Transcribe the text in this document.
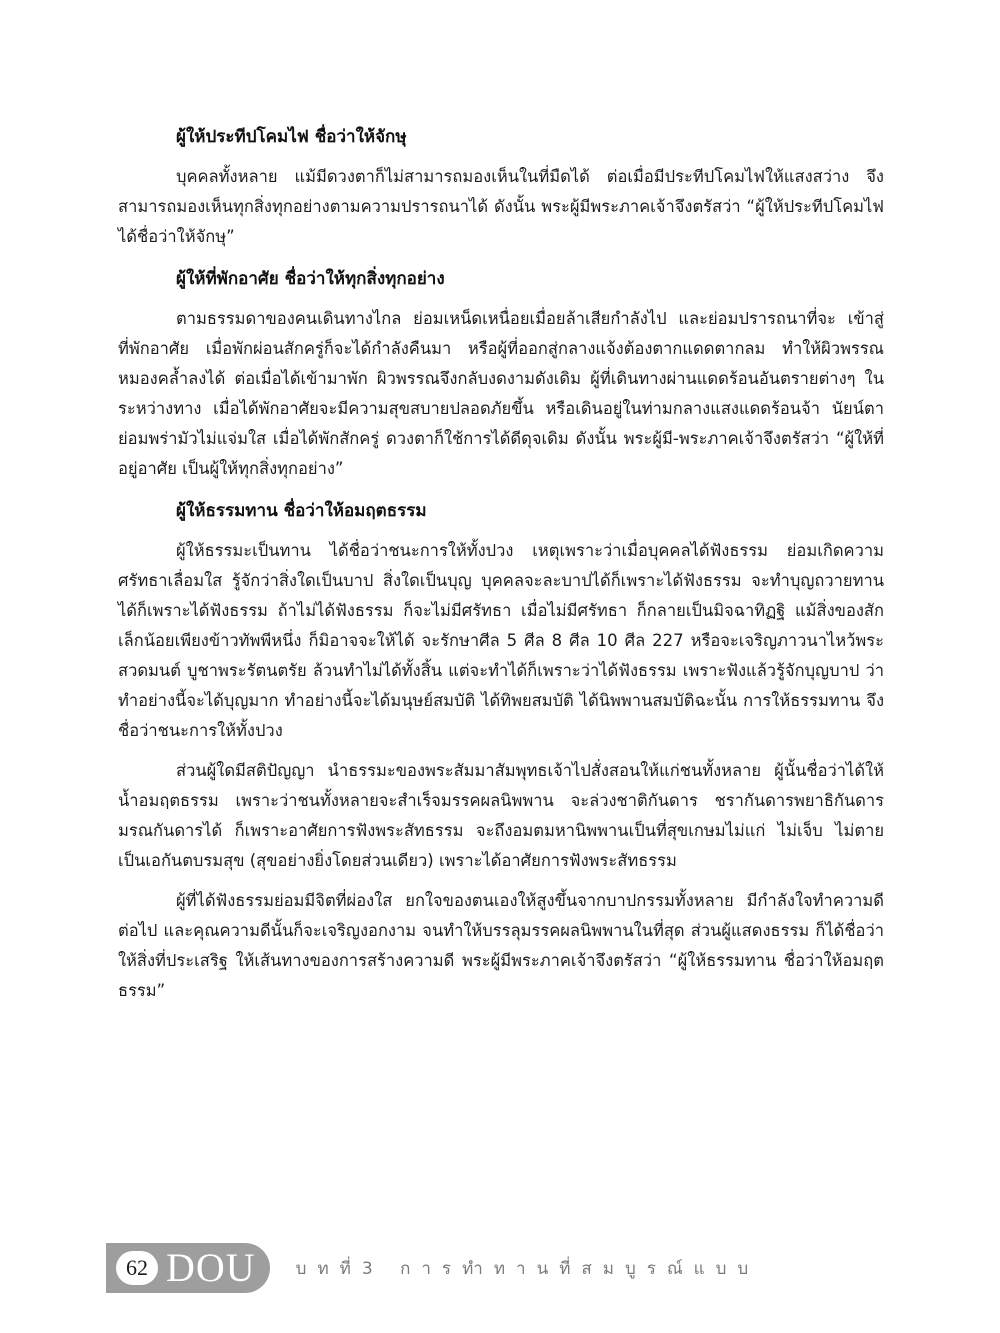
ผู้ให้ประทีปโคมไฟ ชื่อว่าให้จักษุ

บุคคลทั้งหลาย แม้มีดวงตาก็ไม่สามารถมองเห็นในที่มืดได้ ต่อเมื่อมีประทีปโคมไฟให้แสงสว่าง จึงสามารถมองเห็นทุกสิ่งทุกอย่างตามความปรารถนาได้ ดังนั้น พระผู้มีพระภาคเจ้าจึงตรัสว่า “ผู้ให้ประทีปโคมไฟ ได้ชื่อว่าให้จักษุ”

ผู้ให้ที่พักอาศัย ชื่อว่าให้ทุกสิ่งทุกอย่าง

ตามธรรมดาของคนเดินทางไกล ย่อมเหน็ดเหนื่อยเมื่อยล้าเสียกำลังไป และย่อมปรารถนาที่จะ เข้าสู่ที่พักอาศัย เมื่อพักผ่อนสักครู่ก็จะได้กำลังคืนมา หรือผู้ที่ออกสู่กลางแจ้งต้องตากแดดตากลม ทำให้ผิวพรรณหมองคล้ำลงได้ ต่อเมื่อได้เข้ามาพัก ผิวพรรณจึงกลับงดงามดังเดิม ผู้ที่เดินทางผ่านแดดร้อนอันตรายต่างๆ ในระหว่างทาง เมื่อได้พักอาศัยจะมีความสุขสบายปลอดภัยขึ้น หรือเดินอยู่ในท่ามกลางแสงแดดร้อนจ้า นัยน์ตาย่อมพร่ามัวไม่แจ่มใส เมื่อได้พักสักครู่ ดวงตาก็ใช้การได้ดีดุจเดิม ดังนั้น พระผู้มี-พระภาคเจ้าจึงตรัสว่า “ผู้ให้ที่อยู่อาศัย เป็นผู้ให้ทุกสิ่งทุกอย่าง”

ผู้ให้ธรรมทาน ชื่อว่าให้อมฤตธรรม

ผู้ให้ธรรมะเป็นทาน ได้ชื่อว่าชนะการให้ทั้งปวง เหตุเพราะว่าเมื่อบุคคลได้ฟังธรรม ย่อมเกิดความศรัทธาเลื่อมใส รู้จักว่าสิ่งใดเป็นบาป สิ่งใดเป็นบุญ บุคคลจะละบาปได้ก็เพราะได้ฟังธรรม จะทำบุญถวายทานได้ก็เพราะได้ฟังธรรม ถ้าไม่ได้ฟังธรรม ก็จะไม่มีศรัทธา เมื่อไม่มีศรัทธา ก็กลายเป็นมิจฉาทิฏฐิ แม้สิ่งของสักเล็กน้อยเพียงข้าวทัพพีหนึ่ง ก็มิอาจจะให้ได้ จะรักษาศีล 5 ศีล 8 ศีล 10 ศีล 227 หรือจะเจริญภาวนาไหว้พระสวดมนต์ บูชาพระรัตนตรัย ล้วนทำไม่ได้ทั้งสิ้น แต่จะทำได้ก็เพราะว่าได้ฟังธรรม เพราะฟังแล้วรู้จักบุญบาป ว่าทำอย่างนี้จะได้บุญมาก ทำอย่างนี้จะได้มนุษย์สมบัติ ได้ทิพยสมบัติ ได้นิพพานสมบัติฉะนั้น การให้ธรรมทาน จึงชื่อว่าชนะการให้ทั้งปวง

ส่วนผู้ใดมีสติปัญญา นำธรรมะของพระสัมมาสัมพุทธเจ้าไปสั่งสอนให้แก่ชนทั้งหลาย ผู้นั้นชื่อว่าได้ให้น้ำอมฤตธรรม เพราะว่าชนทั้งหลายจะสำเร็จมรรคผลนิพพาน จะล่วงชาติกันดาร ชรากันดารพยาธิกันดาร มรณกันดารได้ ก็เพราะอาศัยการฟังพระสัทธรรม จะถึงอมตมหานิพพานเป็นที่สุขเกษมไม่แก่ ไม่เจ็บ ไม่ตาย เป็นเอกันตบรมสุข (สุขอย่างยิ่งโดยส่วนเดียว) เพราะได้อาศัยการฟังพระสัทธรรม

ผู้ที่ได้ฟังธรรมย่อมมีจิตที่ผ่องใส ยกใจของตนเองให้สูงขึ้นจากบาปกรรมทั้งหลาย มีกำลังใจทำความดีต่อไป และคุณความดีนั้นก็จะเจริญงอกงาม จนทำให้บรรลุมรรคผลนิพพานในที่สุด ส่วนผู้แสดงธรรม ก็ได้ชื่อว่าให้สิ่งที่ประเสริฐ ให้เส้นทางของการสร้างความดี พระผู้มีพระภาคเจ้าจึงตรัสว่า “ผู้ให้ธรรมทาน ชื่อว่าให้อมฤตธรรม”

62 DOU บทที่3 การทำทานที่สมบูรณ์แบบ
